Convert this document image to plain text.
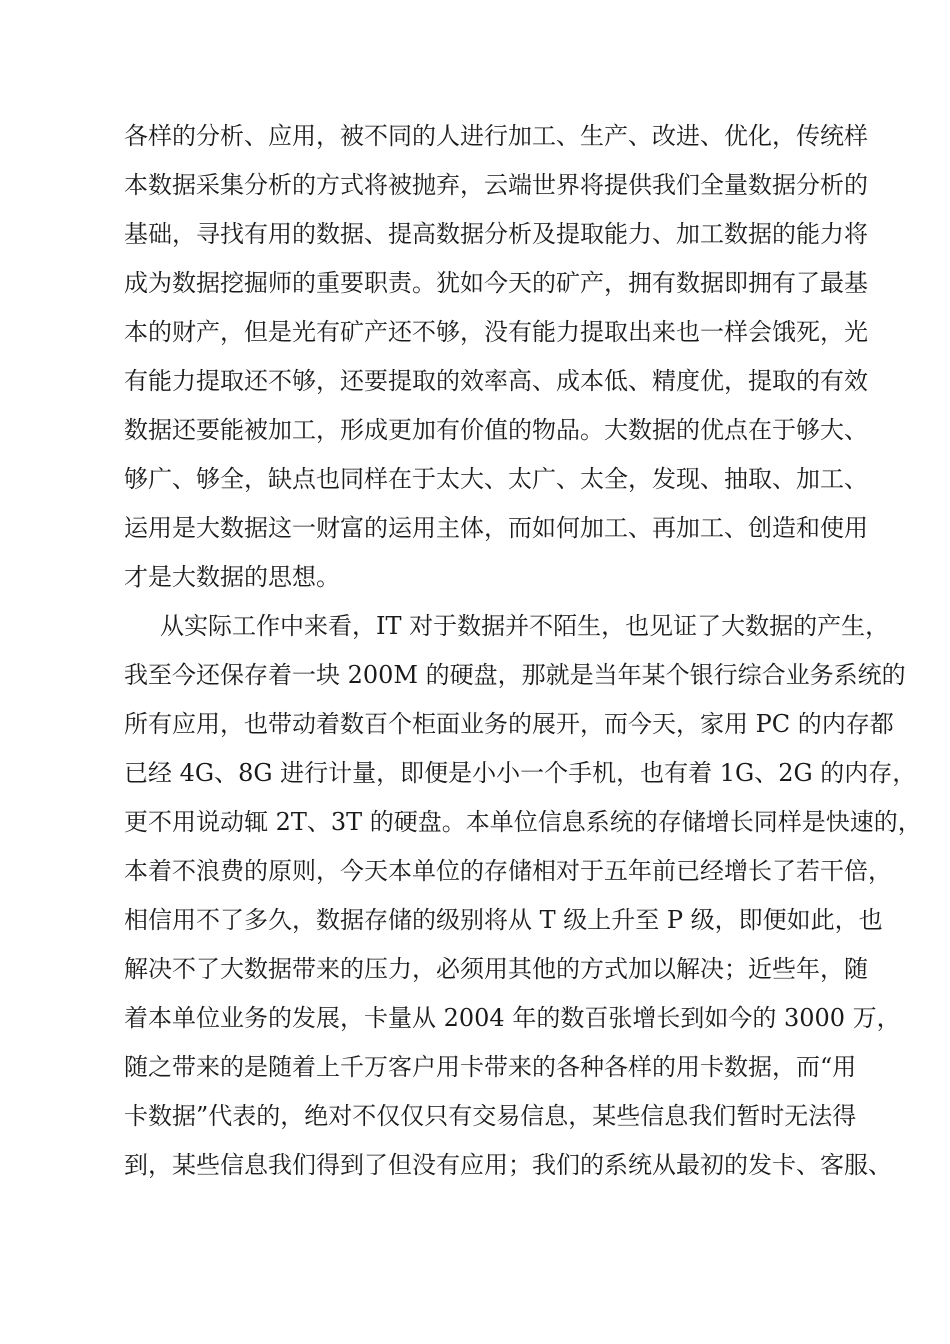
各样的分析、应用，被不同的人进行加工、生产、改进、优化，传统样
本数据采集分析的方式将被抛弃，云端世界将提供我们全量数据分析的
基础，寻找有用的数据、提高数据分析及提取能力、加工数据的能力将
成为数据挖掘师的重要职责。犹如今天的矿产，拥有数据即拥有了最基
本的财产，但是光有矿产还不够，没有能力提取出来也一样会饿死，光
有能力提取还不够，还要提取的效率高、成本低、精度优，提取的有效
数据还要能被加工，形成更加有价值的物品。大数据的优点在于够大、
够广、够全，缺点也同样在于太大、太广、太全，发现、抽取、加工、
运用是大数据这一财富的运用主体，而如何加工、再加工、创造和使用
才是大数据的思想。
从实际工作中来看，IT 对于数据并不陌生，也见证了大数据的产生，
我至今还保存着一块 200M 的硬盘，那就是当年某个银行综合业务系统的
所有应用，也带动着数百个柜面业务的展开，而今天，家用 PC 的内存都
已经 4G、8G 进行计量，即便是小小一个手机，也有着 1G、2G 的内存，
更不用说动辄 2T、3T 的硬盘。本单位信息系统的存储增长同样是快速的，
本着不浪费的原则，今天本单位的存储相对于五年前已经增长了若干倍，
相信用不了多久，数据存储的级别将从 T 级上升至 P 级，即便如此，也
解决不了大数据带来的压力，必须用其他的方式加以解决；近些年，随
着本单位业务的发展，卡量从 2004 年的数百张增长到如今的 3000 万，
随之带来的是随着上千万客户用卡带来的各种各样的用卡数据，而“用
卡数据”代表的，绝对不仅仅只有交易信息，某些信息我们暂时无法得
到，某些信息我们得到了但没有应用；我们的系统从最初的发卡、客服、
